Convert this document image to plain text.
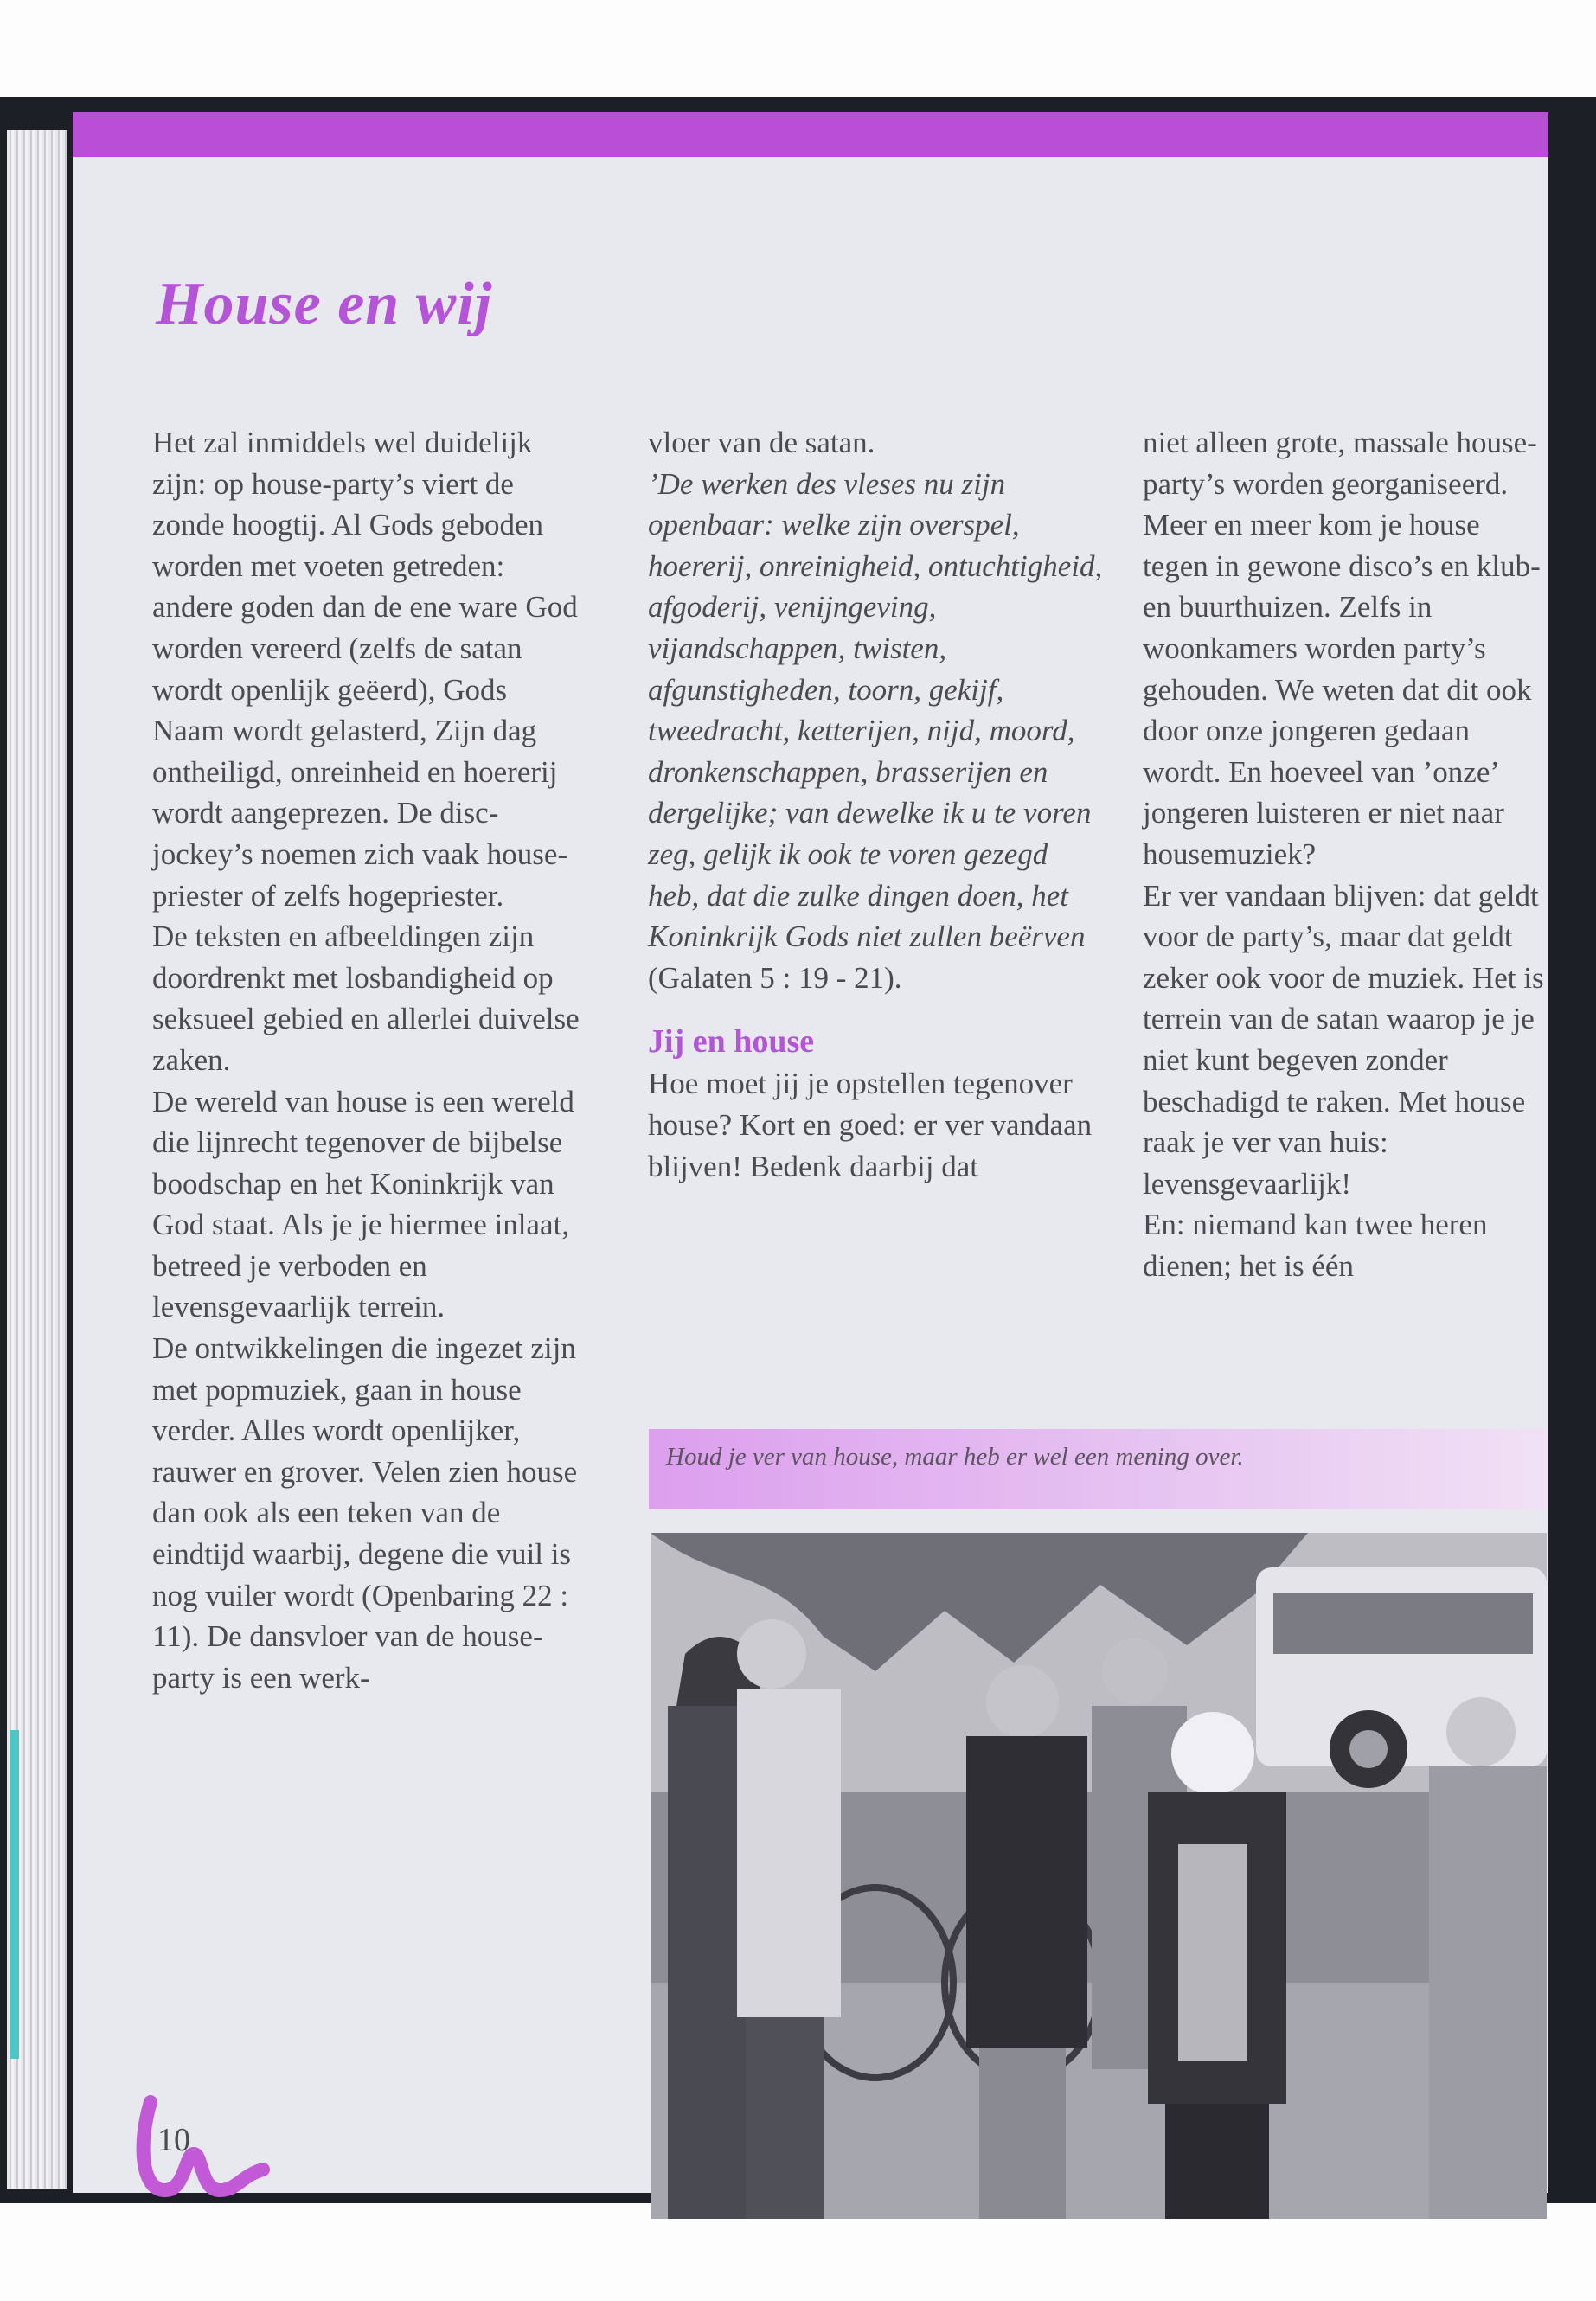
House en wij

Het zal inmiddels wel duidelijk zijn: op house-party’s viert de zonde hoogtij. Al Gods geboden worden met voeten getreden: andere goden dan de ene ware God worden vereerd (zelfs de satan wordt openlijk geëerd), Gods Naam wordt gelasterd, Zijn dag ontheiligd, onreinheid en hoererij wordt aangeprezen. De disc-jockey’s noemen zich vaak house-priester of zelfs hogepriester.

De teksten en afbeeldingen zijn doordrenkt met losbandigheid op seksueel gebied en allerlei duivelse zaken.

De wereld van house is een wereld die lijnrecht tegenover de bijbelse boodschap en het Koninkrijk van God staat. Als je je hiermee inlaat, betreed je verboden en levensgevaarlijk terrein.

De ontwikkelingen die ingezet zijn met popmuziek, gaan in house verder. Alles wordt openlijker, rauwer en grover. Velen zien house dan ook als een teken van de eindtijd waarbij, degene die vuil is nog vuiler wordt (Openbaring 22 : 11). De dansvloer van de house-party is een werk-

vloer van de satan.

’De werken des vleses nu zijn openbaar: welke zijn overspel, hoererij, onreinigheid, ontuchtigheid, afgoderij, venijngeving, vijandschappen, twisten, afgunstigheden, toorn, gekijf, tweedracht, ketterijen, nijd, moord, dronkenschappen, brasserijen en dergelijke; van dewelke ik u te voren zeg, gelijk ik ook te voren gezegd heb, dat die zulke dingen doen, het Koninkrijk Gods niet zullen beërven (Galaten 5 : 19 - 21).

Jij en house

Hoe moet jij je opstellen tegenover house? Kort en goed: er ver vandaan blijven! Bedenk daarbij dat

niet alleen grote, massale house-party’s worden georganiseerd. Meer en meer kom je house tegen in gewone disco’s en klub- en buurthuizen. Zelfs in woonkamers worden party’s gehouden. We weten dat dit ook door onze jongeren gedaan wordt. En hoeveel van ’onze’ jongeren luisteren er niet naar housemuziek?

Er ver vandaan blijven: dat geldt voor de party’s, maar dat geldt zeker ook voor de muziek. Het is terrein van de satan waarop je je niet kunt begeven zonder beschadigd te raken. Met house raak je ver van huis: levensgevaarlijk!

En: niemand kan twee heren dienen; het is één

Houd je ver van house, maar heb er wel een mening over.
10
